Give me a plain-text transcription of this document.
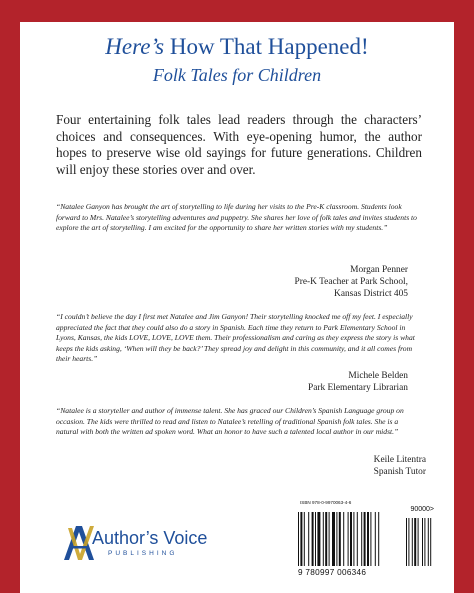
Here’s How That Happened!
Folk Tales for Children
Four entertaining folk tales lead readers through the characters’ choices and consequences. With eye-opening humor, the author hopes to preserve wise old sayings for future generations. Children will enjoy these stories over and over.
“Natalee Ganyon has brought the art of storytelling to life during her visits to the Pre-K classroom. Students look forward to Mrs. Natalee’s storytelling adventures and puppetry. She shares her love of folk tales and invites students to explore the art of storytelling. I am excited for the opportunity to share her written stories with my students.”
Morgan Penner
Pre-K Teacher at Park School,
Kansas District 405
“I couldn’t believe the day I first met Natalee and Jim Ganyon! Their storytelling knocked me off my feet. I especially appreciated the fact that they could also do a story in Spanish. Each time they return to Park Elementary School in Lyons, Kansas, the kids LOVE, LOVE, LOVE them. Their professionalism and caring as they express the story is what keeps the kids asking, ‘When will they be back?’ They spread joy and delight in this community, and it all comes from their hearts.”
Michele Belden
Park Elementary Librarian
“Natalee is a storyteller and author of immense talent. She has graced our Children’s Spanish Language group on occasion. The kids were thrilled to read and listen to Natalee’s retelling of traditional Spanish folk tales. She is a natural with both the written ad spoken word. What an honor to have such a talented local author in our midst.”
Keile Litentra
Spanish Tutor
Author’s Voice
PUBLISHING
ISBN 978-0-9970063-4-6
90000>
9 780997 006346
